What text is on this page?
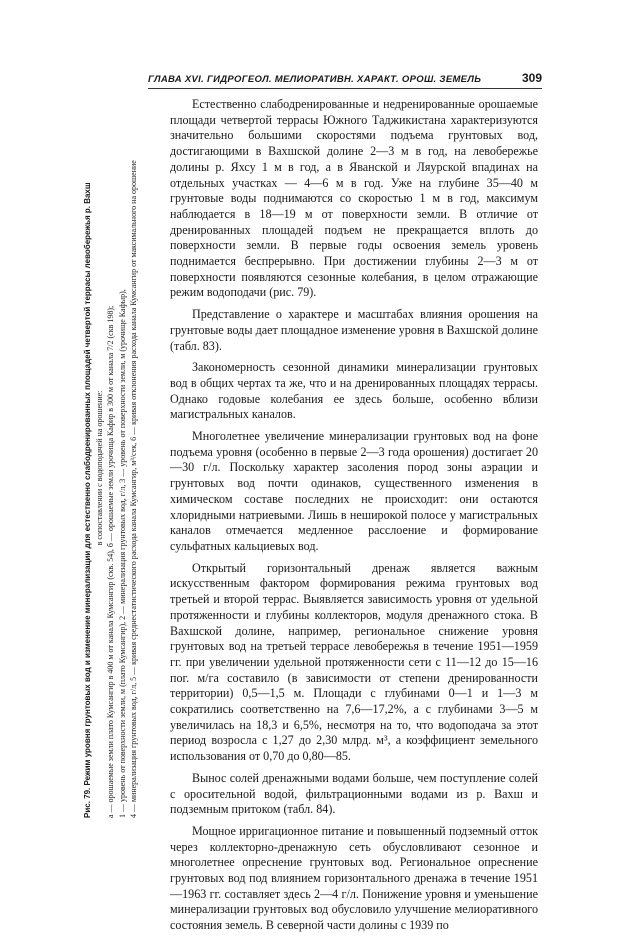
ГЛАВА XVI. ГИДРОГЕОЛ. МЕЛИОРАТИВН. ХАРАКТ. ОРОШ. ЗЕМЕЛЬ	309

Рис. 79. Режим уровня грунтовых вод и изменение минерализации для естественно слабодренированных площадей четвертой террасы левобережья р. Вахш в сопоставлении с водоподачей на орошение: а — орошаемые земли плато Кумсангир в 400 м от канала Кумсангир (скв. 54), б — орошаемые земли урочища Кафир в 300 м от канала 7/2 (скв 198); 1 — уровень от поверхности земли, м (плато Кумсангир), 2 — минерализация грунтовых вод, г/л, 3 — уровень от поверхности земли, м (урочище Кафыр), 4 — минерализация грунтовых вод, г/л, 5 — кривая среднестатистического расхода канала Кумсангир, м³/сек, 6 — кривая отклонения расхода канала Кумсангир от максимального на орошение

Естественно слабодренированные и недренированные орошаемые площади четвертой террасы Южного Таджикистана характеризуются значительно большими скоростями подъема грунтовых вод, достигающими в Вахшской долине 2—3 м в год, на левобережье долины р. Яхсу 1 м в год, а в Яванской и Ляурской впадинах на отдельных участках — 4—6 м в год. Уже на глубине 35—40 м грунтовые воды поднимаются со скоростью 1 м в год, максимум наблюдается в 18—19 м от поверхности земли. В отличие от дренированных площадей подъем не прекращается вплоть до поверхности земли. В первые годы освоения земель уровень поднимается беспрерывно. При достижении глубины 2—3 м от поверхности появляются сезонные колебания, в целом отражающие режим водоподачи (рис. 79).

Представление о характере и масштабах влияния орошения на грунтовые воды дает площадное изменение уровня в Вахшской долине (табл. 83).

Закономерность сезонной динамики минерализации грунтовых вод в общих чертах та же, что и на дренированных площадях террасы. Однако годовые колебания ее здесь больше, особенно вблизи магистральных каналов.

Многолетнее увеличение минерализации грунтовых вод на фоне подъема уровня (особенно в первые 2—3 года орошения) достигает 20—30 г/л. Поскольку характер засоления пород зоны аэрации и грунтовых вод почти одинаков, существенного изменения в химическом составе последних не происходит: они остаются хлоридными натриевыми. Лишь в неширокой полосе у магистральных каналов отмечается медленное расслоение и формирование сульфатных кальциевых вод.

Открытый горизонтальный дренаж является важным искусственным фактором формирования режима грунтовых вод третьей и второй террас. Выявляется зависимость уровня от удельной протяженности и глубины коллекторов, модуля дренажного стока. В Вахшской долине, например, региональное снижение уровня грунтовых вод на третьей террасе левобережья в течение 1951—1959 гг. при увеличении удельной протяженности сети с 11—12 до 15—16 пог. м/га составило (в зависимости от степени дренированности территории) 0,5—1,5 м. Площади с глубинами 0—1 и 1—3 м сократились соответственно на 7,6—17,2%, а с глубинами 3—5 м увеличилась на 18,3 и 6,5%, несмотря на то, что водоподача за этот период возросла с 1,27 до 2,30 млрд. м³, а коэффициент земельного использования от 0,70 до 0,80—85.

Вынос солей дренажными водами больше, чем поступление солей с оросительной водой, фильтрационными водами из р. Вахш и подземным притоком (табл. 84).

Мощное ирригационное питание и повышенный подземный отток через коллекторно-дренажную сеть обусловливают сезонное и многолетнее опреснение грунтовых вод. Региональное опреснение грунтовых вод под влиянием горизонтального дренажа в течение 1951—1963 гг. составляет здесь 2—4 г/л. Понижение уровня и уменьшение минерализации грунтовых вод обусловило улучшение мелиоративного состояния земель. В северной части долины с 1939 по
